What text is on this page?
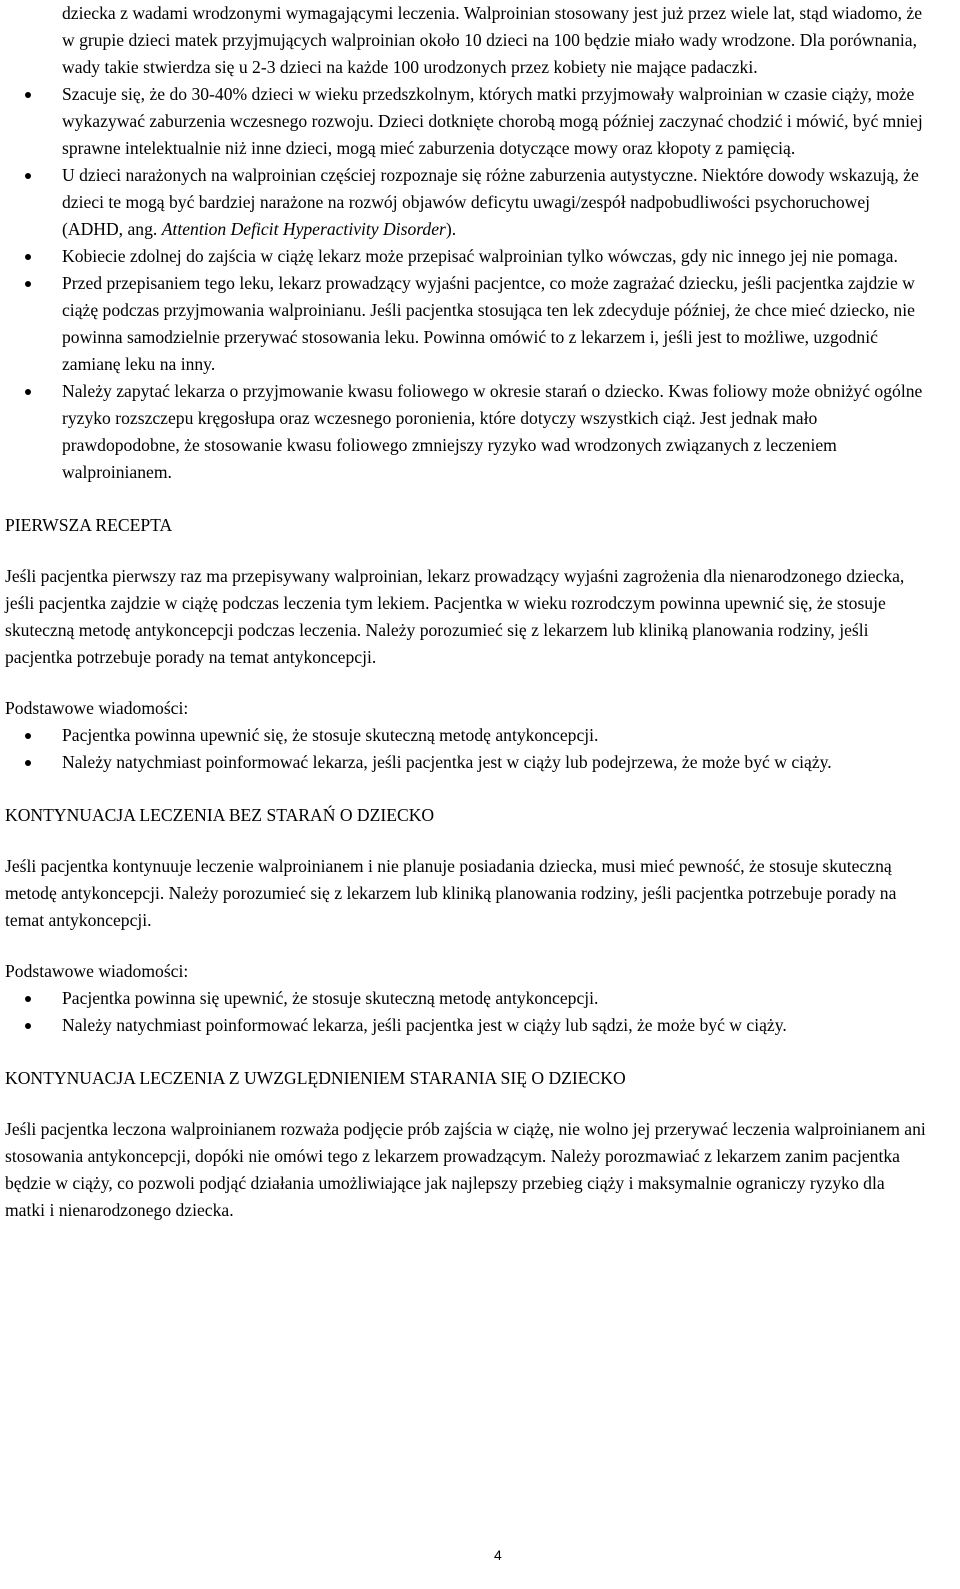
dziecka z wadami wrodzonymi wymagającymi leczenia. Walproinian stosowany jest już przez wiele lat, stąd wiadomo, że w grupie dzieci matek przyjmujących walproinian około 10 dzieci na 100 będzie miało wady wrodzone. Dla porównania, wady takie stwierdza się u 2-3 dzieci na każde 100 urodzonych przez kobiety nie mające padaczki.

Szacuje się, że do 30-40% dzieci w wieku przedszkolnym, których matki przyjmowały walproinian w czasie ciąży, może wykazywać zaburzenia wczesnego rozwoju. Dzieci dotknięte chorobą mogą później zaczynać chodzić i mówić, być mniej sprawne intelektualnie niż inne dzieci, mogą mieć zaburzenia dotyczące mowy oraz kłopoty z pamięcią.
U dzieci narażonych na walproinian częściej rozpoznaje się różne zaburzenia autystyczne. Niektóre dowody wskazują, że dzieci te mogą być bardziej narażone na rozwój objawów deficytu uwagi/zespół nadpobudliwości psychoruchowej (ADHD, ang. Attention Deficit Hyperactivity Disorder).
Kobiecie zdolnej do zajścia w ciążę lekarz może przepisać walproinian tylko wówczas, gdy nic innego jej nie pomaga.
Przed przepisaniem tego leku, lekarz prowadzący wyjaśni pacjentce, co może zagrażać dziecku, jeśli pacjentka zajdzie w ciążę podczas przyjmowania walproinianu. Jeśli pacjentka stosująca ten lek zdecyduje później, że chce mieć dziecko, nie powinna samodzielnie przerywać stosowania leku. Powinna omówić to z lekarzem i, jeśli jest to możliwe, uzgodnić zamianę leku na inny.
Należy zapytać lekarza o przyjmowanie kwasu foliowego w okresie starań o dziecko. Kwas foliowy może obniżyć ogólne ryzyko rozszczepu kręgosłupa oraz wczesnego poronienia, które dotyczy wszystkich ciąż. Jest jednak mało prawdopodobne, że stosowanie kwasu foliowego zmniejszy ryzyko wad wrodzonych związanych z leczeniem walproinianem.

PIERWSZA RECEPTA

Jeśli pacjentka pierwszy raz ma przepisywany walproinian, lekarz prowadzący wyjaśni zagrożenia dla nienarodzonego dziecka, jeśli pacjentka zajdzie w ciążę podczas leczenia tym lekiem. Pacjentka w wieku rozrodczym powinna upewnić się, że stosuje skuteczną metodę antykoncepcji podczas leczenia. Należy porozumieć się z lekarzem lub kliniką planowania rodziny, jeśli pacjentka potrzebuje porady na temat antykoncepcji.

Podstawowe wiadomości:

Pacjentka powinna upewnić się, że stosuje skuteczną metodę antykoncepcji.
Należy natychmiast poinformować lekarza, jeśli pacjentka jest w ciąży lub podejrzewa, że może być w ciąży.

KONTYNUACJA LECZENIA BEZ STARAŃ O DZIECKO

Jeśli pacjentka kontynuuje leczenie walproinianem i nie planuje posiadania dziecka, musi mieć pewność, że stosuje skuteczną metodę antykoncepcji. Należy porozumieć się z lekarzem lub kliniką planowania rodziny, jeśli pacjentka potrzebuje porady na temat antykoncepcji.

Podstawowe wiadomości:

Pacjentka powinna się upewnić, że stosuje skuteczną metodę antykoncepcji.
Należy natychmiast poinformować lekarza, jeśli pacjentka jest w ciąży lub sądzi, że może być w ciąży.

KONTYNUACJA LECZENIA Z UWZGLĘDNIENIEM STARANIA SIĘ O DZIECKO

Jeśli pacjentka leczona walproinianem rozważa podjęcie prób zajścia w ciążę, nie wolno jej przerywać leczenia walproinianem ani stosowania antykoncepcji, dopóki nie omówi tego z lekarzem prowadzącym. Należy porozmawiać z lekarzem zanim pacjentka będzie w ciąży, co pozwoli podjąć działania umożliwiające jak najlepszy przebieg ciąży i maksymalnie ograniczy ryzyko dla matki i nienarodzonego dziecka.

4
